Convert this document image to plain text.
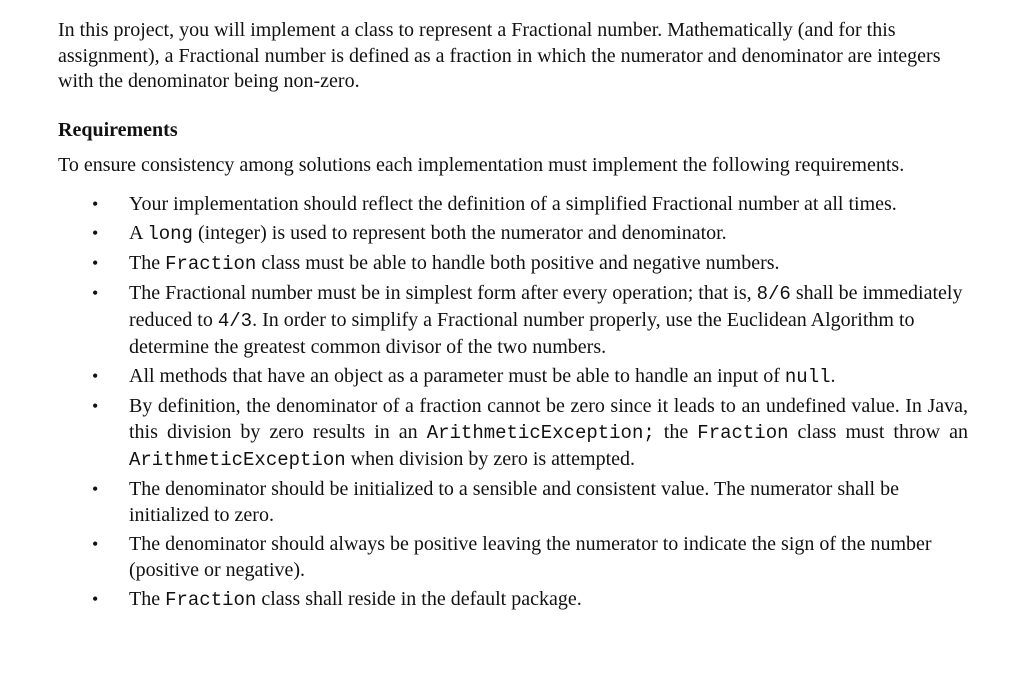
In this project, you will implement a class to represent a Fractional number. Mathematically (and for this assignment), a Fractional number is defined as a fraction in which the numerator and denominator are integers with the denominator being non-zero.

Requirements

To ensure consistency among solutions each implementation must implement the following requirements.

• Your implementation should reflect the definition of a simplified Fractional number at all times.
• A long (integer) is used to represent both the numerator and denominator.
• The Fraction class must be able to handle both positive and negative numbers.
• The Fractional number must be in simplest form after every operation; that is, 8/6 shall be immediately reduced to 4/3. In order to simplify a Fractional number properly, use the Euclidean Algorithm to determine the greatest common divisor of the two numbers.
• All methods that have an object as a parameter must be able to handle an input of null.
• By definition, the denominator of a fraction cannot be zero since it leads to an undefined value. In Java, this division by zero results in an ArithmeticException; the Fraction class must throw an ArithmeticException when division by zero is attempted.
• The denominator should be initialized to a sensible and consistent value. The numerator shall be initialized to zero.
• The denominator should always be positive leaving the numerator to indicate the sign of the number (positive or negative).
• The Fraction class shall reside in the default package.
